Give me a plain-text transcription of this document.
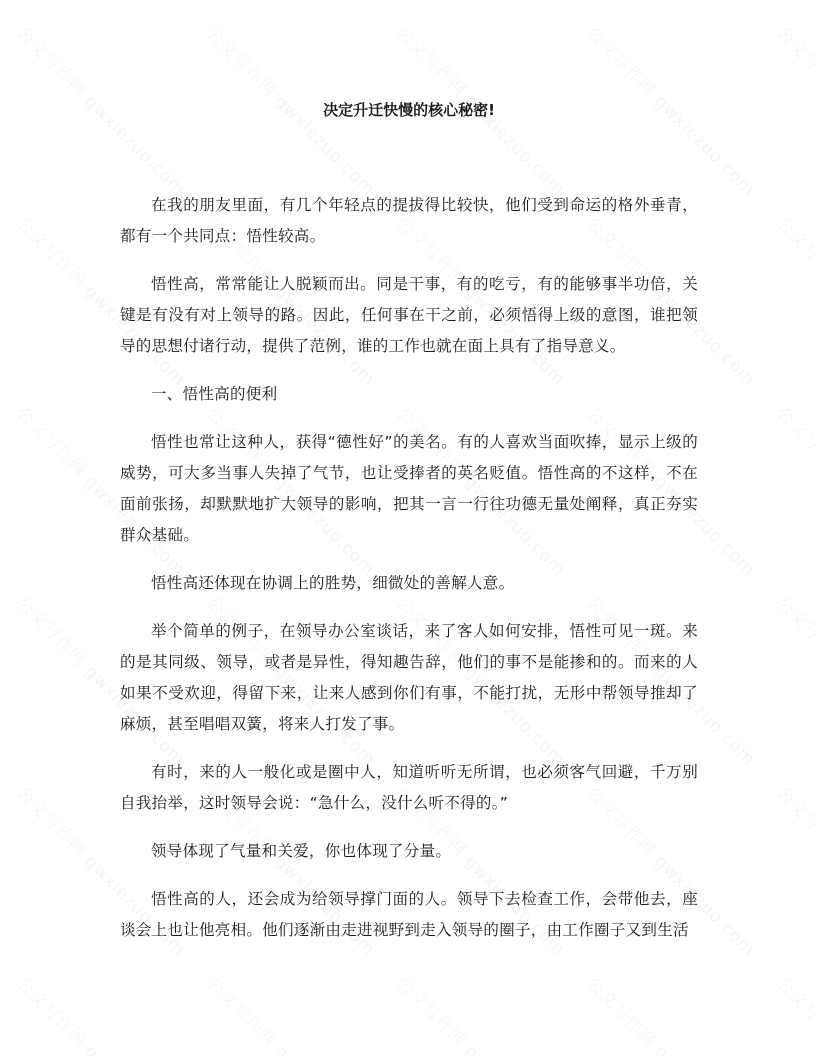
决定升迁快慢的核心秘密!

在我的朋友里面，有几个年轻点的提拔得比较快，他们受到命运的格外垂青，都有一个共同点：悟性较高。

悟性高，常常能让人脱颖而出。同是干事，有的吃亏，有的能够事半功倍，关键是有没有对上领导的路。因此，任何事在干之前，必须悟得上级的意图，谁把领导的思想付诸行动，提供了范例，谁的工作也就在面上具有了指导意义。

一、悟性高的便利

悟性也常让这种人，获得“德性好”的美名。有的人喜欢当面吹捧，显示上级的威势，可大多当事人失掉了气节，也让受捧者的英名贬值。悟性高的不这样，不在面前张扬，却默默地扩大领导的影响，把其一言一行往功德无量处阐释，真正夯实群众基础。

悟性高还体现在协调上的胜势，细微处的善解人意。

举个简单的例子，在领导办公室谈话，来了客人如何安排，悟性可见一斑。来的是其同级、领导，或者是异性，得知趣告辞，他们的事不是能掺和的。而来的人如果不受欢迎，得留下来，让来人感到你们有事，不能打扰，无形中帮领导推却了麻烦，甚至唱唱双簧，将来人打发了事。

有时，来的人一般化或是圈中人，知道听听无所谓，也必须客气回避，千万别自我抬举，这时领导会说：“急什么，没什么听不得的。”

领导体现了气量和关爱，你也体现了分量。

悟性高的人，还会成为给领导撑门面的人。领导下去检查工作，会带他去，座谈会上也让他亮相。他们逐渐由走进视野到走入领导的圈子，由工作圈子又到生活
